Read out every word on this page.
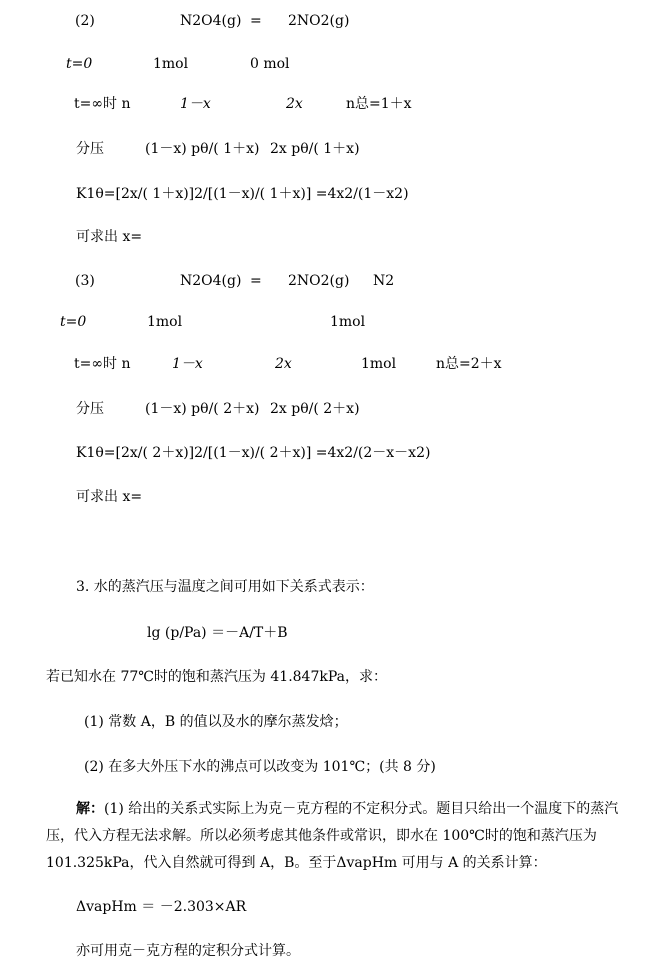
(2)	N2O4(g) = 2NO2(g)
t=0	1mol	0 mol
t=∞时 n	1－x	2x	n总=1＋x
分压	(1－x) pθ/( 1＋x) 2x pθ/( 1＋x)
K1θ=[2x/( 1＋x)]2/[(1－x)/( 1＋x)] =4x2/(1－x2)
可求出 x=
(3)	N2O4(g) = 2NO2(g) N2
t=0	1mol	1mol
t=∞时 n	1－x	2x	1mol	n总=2＋x
分压	(1－x) pθ/( 2＋x) 2x pθ/( 2＋x)
K1θ=[2x/( 2＋x)]2/[(1－x)/( 2＋x)] =4x2/(2－x－x2)
可求出 x=
3. 水的蒸汽压与温度之间可用如下关系式表示：
lg (p/Pa) ＝－A/T＋B
若已知水在 77℃时的饱和蒸汽压为 41.847kPa，求：
(1) 常数 A，B 的值以及水的摩尔蒸发焓；
(2) 在多大外压下水的沸点可以改变为 101℃；(共 8 分)
解：(1) 给出的关系式实际上为克－克方程的不定积分式。题目只给出一个温度下的蒸汽压，代入方程无法求解。所以必须考虑其他条件或常识，即水在 100℃时的饱和蒸汽压为 101.325kPa，代入自然就可得到 A，B。至于ΔvapHm 可用与 A 的关系计算：
ΔvapHm ＝ －2.303×AR
亦可用克－克方程的定积分式计算。
